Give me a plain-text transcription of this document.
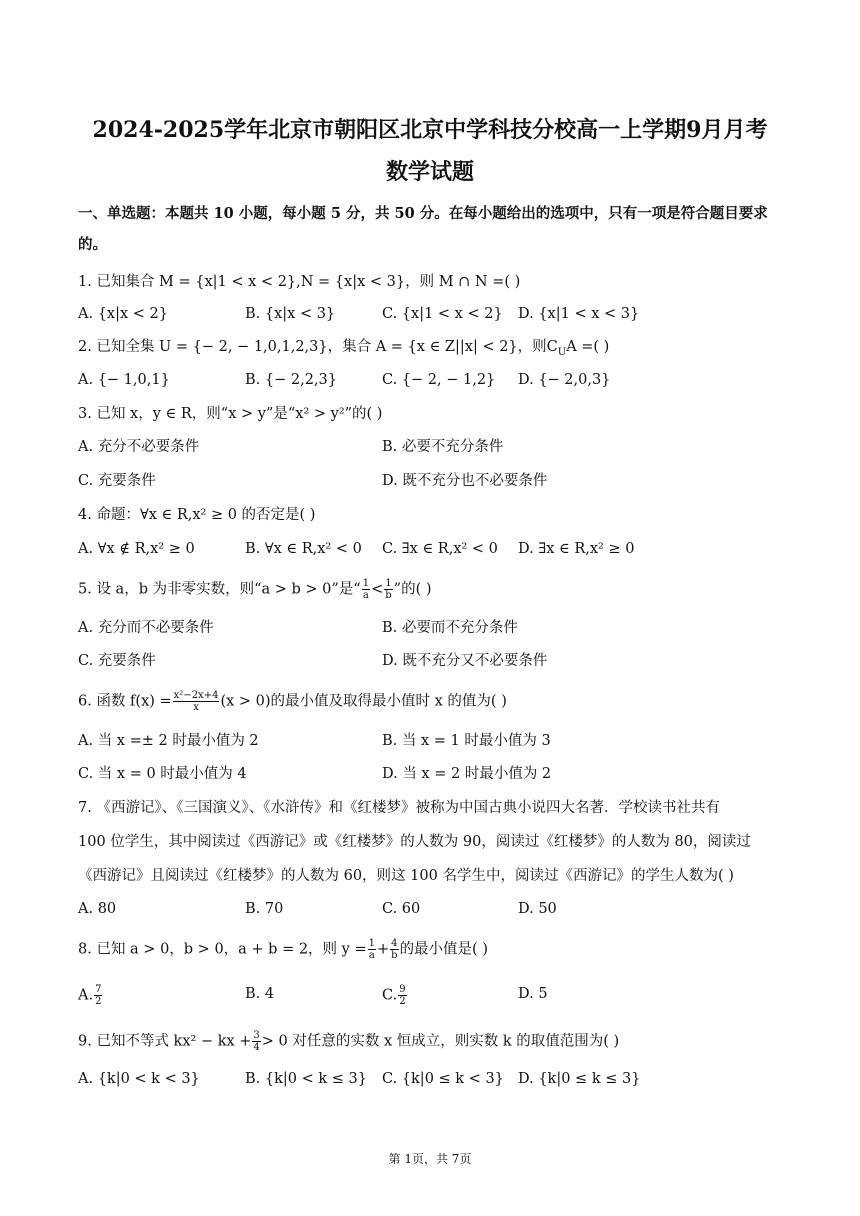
2024-2025学年北京市朝阳区北京中学科技分校高一上学期9月月考
数学试题
一、单选题：本题共 10 小题，每小题 5 分，共 50 分。在每小题给出的选项中，只有一项是符合题目要求
的。
1. 已知集合 M = {x|1 < x < 2},N = {x|x < 3}，则 M ∩ N =( )
A. {x|x < 2}	B. {x|x < 3}	C. {x|1 < x < 2} D. {x|1 < x < 3}
2. 已知全集 U = {− 2, − 1,0,1,2,3}，集合 A = {x ∈ Z||x| < 2}，则$C_UA$ =( )
A. {− 1,0,1}	B. {− 2,2,3}	C. {− 2, − 1,2} D. {− 2,0,3}
3. 已知 x，y ∈ R，则“x > y”是“x² > y²”的( )
A. 充分不必要条件	B. 必要不充分条件
C. 充要条件	D. 既不充分也不必要条件
4. 命题：∀x ∈ R,x² ≥ 0 的否定是( )
A. ∀x ∉ R,x² ≥ 0	B. ∀x ∈ R,x² < 0 C. ∃x ∈ R,x² < 0 D. ∃x ∈ R,x² ≥ 0
5. 设 a，b 为非零实数，则“a > b > 0”是“ $\frac{1}{a} < \frac{1}{b}$ ”的( )
A. 充分而不必要条件	B. 必要而不充分条件
C. 充要条件	D. 既不充分又不必要条件
6. 函数 $f(x) = \frac{\text{x²−2x+4}}{x} (x > 0)$的最小值及取得最小值时 x 的值为( )
A. 当 x =± 2 时最小值为 2	B. 当 x = 1 时最小值为 3
C. 当 x = 0 时最小值为 4	D. 当 x = 2 时最小值为 2
7. 《西游记》、《三国演义》、《水浒传》和《红楼梦》被称为中国古典小说四大名著．学校读书社共有
100 位学生，其中阅读过《西游记》或《红楼梦》的人数为 90，阅读过《红楼梦》的人数为 80，阅读过
《西游记》且阅读过《红楼梦》的人数为 60，则这 100 名学生中，阅读过《西游记》的学生人数为( )
A. 80	B. 70	C. 60	D. 50
8. 已知 a > 0，b > 0，a + b = 2，则 $y = \frac{1}{a} + \frac{4}{b}$ 的最小值是( )
A. $\frac{7}{2}$	B. 4	C. $\frac{9}{2}$	D. 5
9. 已知不等式 kx² − kx + $\frac{3}{4} > 0$ 对任意的实数 x 恒成立，则实数 k 的取值范围为( )
A. {k|0 < k < 3}	B. {k|0 < k ≤ 3} C. {k|0 ≤ k < 3} D. {k|0 ≤ k ≤ 3}
第 1页，共 7页
